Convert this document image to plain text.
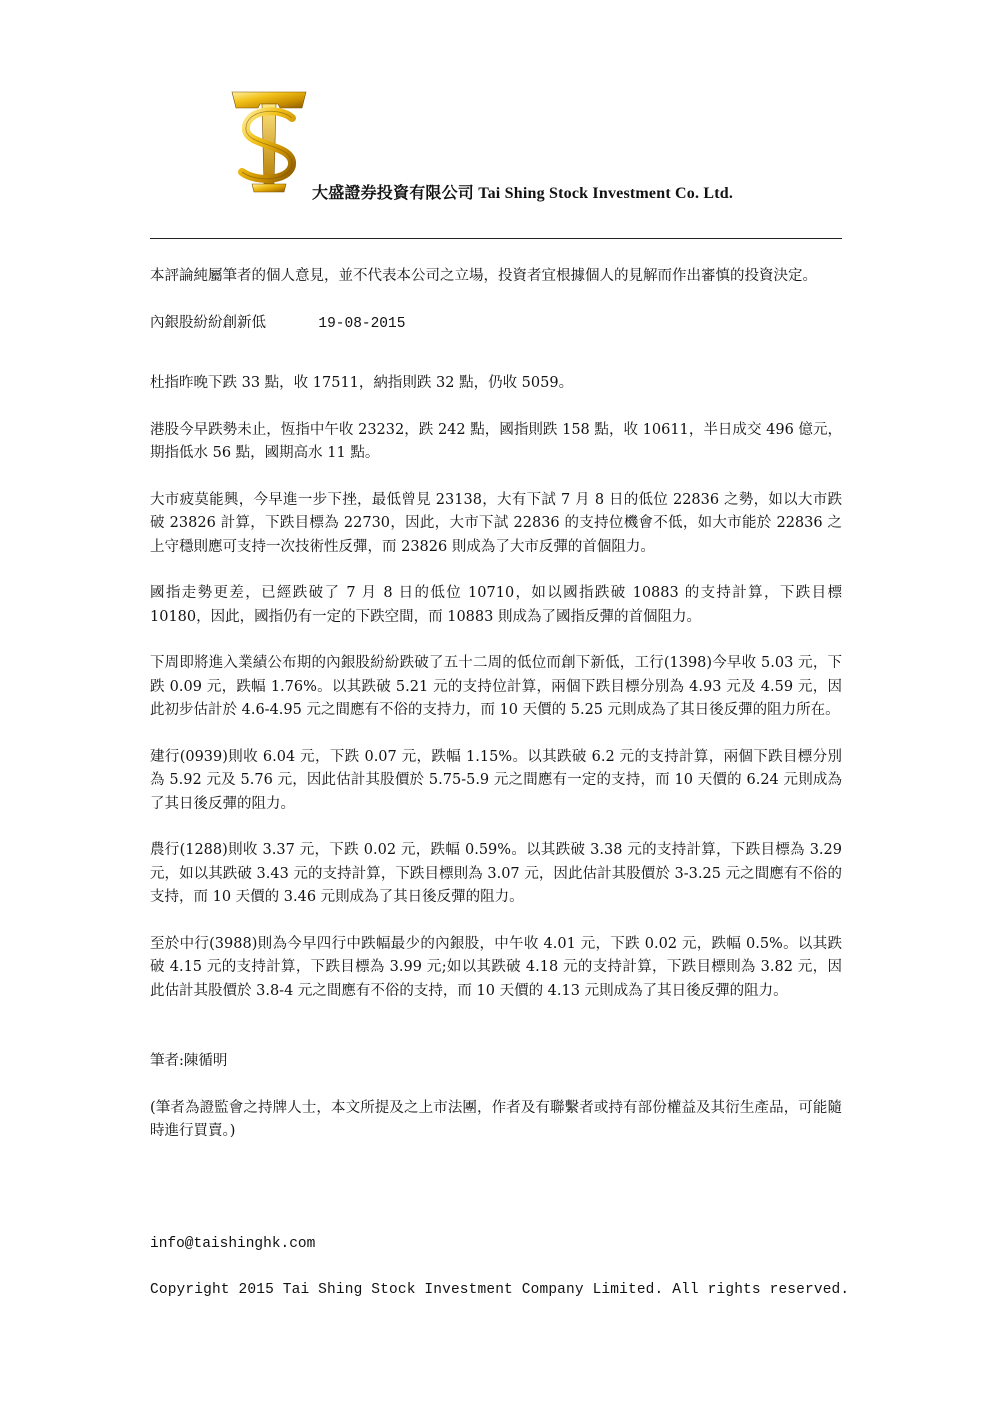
大盛證券投資有限公司 Tai Shing Stock Investment Co. Ltd.

本評論純屬筆者的個人意見，並不代表本公司之立場，投資者宜根據個人的見解而作出審慎的投資決定。

內銀股紛紛創新低	19-08-2015

杜指昨晚下跌 33 點，收 17511，納指則跌 32 點，仍收 5059。

港股今早跌勢未止，恆指中午收 23232，跌 242 點，國指則跌 158 點，收 10611，半日成交 496 億元，期指低水 56 點，國期高水 11 點。

大市疲莫能興，今早進一步下挫，最低曾見 23138，大有下試 7 月 8 日的低位 22836 之勢，如以大市跌破 23826 計算，下跌目標為 22730，因此，大市下試 22836 的支持位機會不低，如大市能於 22836 之上守穩則應可支持一次技術性反彈，而 23826 則成為了大市反彈的首個阻力。

國指走勢更差，已經跌破了 7 月 8 日的低位 10710，如以國指跌破 10883 的支持計算，下跌目標 10180，因此，國指仍有一定的下跌空間，而 10883 則成為了國指反彈的首個阻力。

下周即將進入業績公布期的內銀股紛紛跌破了五十二周的低位而創下新低，工行(1398)今早收 5.03 元，下跌 0.09 元，跌幅 1.76%。以其跌破 5.21 元的支持位計算，兩個下跌目標分別為 4.93 元及 4.59 元，因此初步估計於 4.6-4.95 元之間應有不俗的支持力，而 10 天價的 5.25 元則成為了其日後反彈的阻力所在。

建行(0939)則收 6.04 元，下跌 0.07 元，跌幅 1.15%。以其跌破 6.2 元的支持計算，兩個下跌目標分別為 5.92 元及 5.76 元，因此估計其股價於 5.75-5.9 元之間應有一定的支持，而 10 天價的 6.24 元則成為了其日後反彈的阻力。

農行(1288)則收 3.37 元，下跌 0.02 元，跌幅 0.59%。以其跌破 3.38 元的支持計算，下跌目標為 3.29 元，如以其跌破 3.43 元的支持計算，下跌目標則為 3.07 元，因此估計其股價於 3-3.25 元之間應有不俗的支持，而 10 天價的 3.46 元則成為了其日後反彈的阻力。

至於中行(3988)則為今早四行中跌幅最少的內銀股，中午收 4.01 元，下跌 0.02 元，跌幅 0.5%。以其跌破 4.15 元的支持計算，下跌目標為 3.99 元;如以其跌破 4.18 元的支持計算，下跌目標則為 3.82 元，因此估計其股價於 3.8-4 元之間應有不俗的支持，而 10 天價的 4.13 元則成為了其日後反彈的阻力。

筆者:陳循明

(筆者為證監會之持牌人士，本文所提及之上市法團，作者及有聯繫者或持有部份權益及其衍生產品，可能隨時進行買賣。)

info@taishinghk.com
Copyright 2015 Tai Shing Stock Investment Company Limited. All rights reserved.
